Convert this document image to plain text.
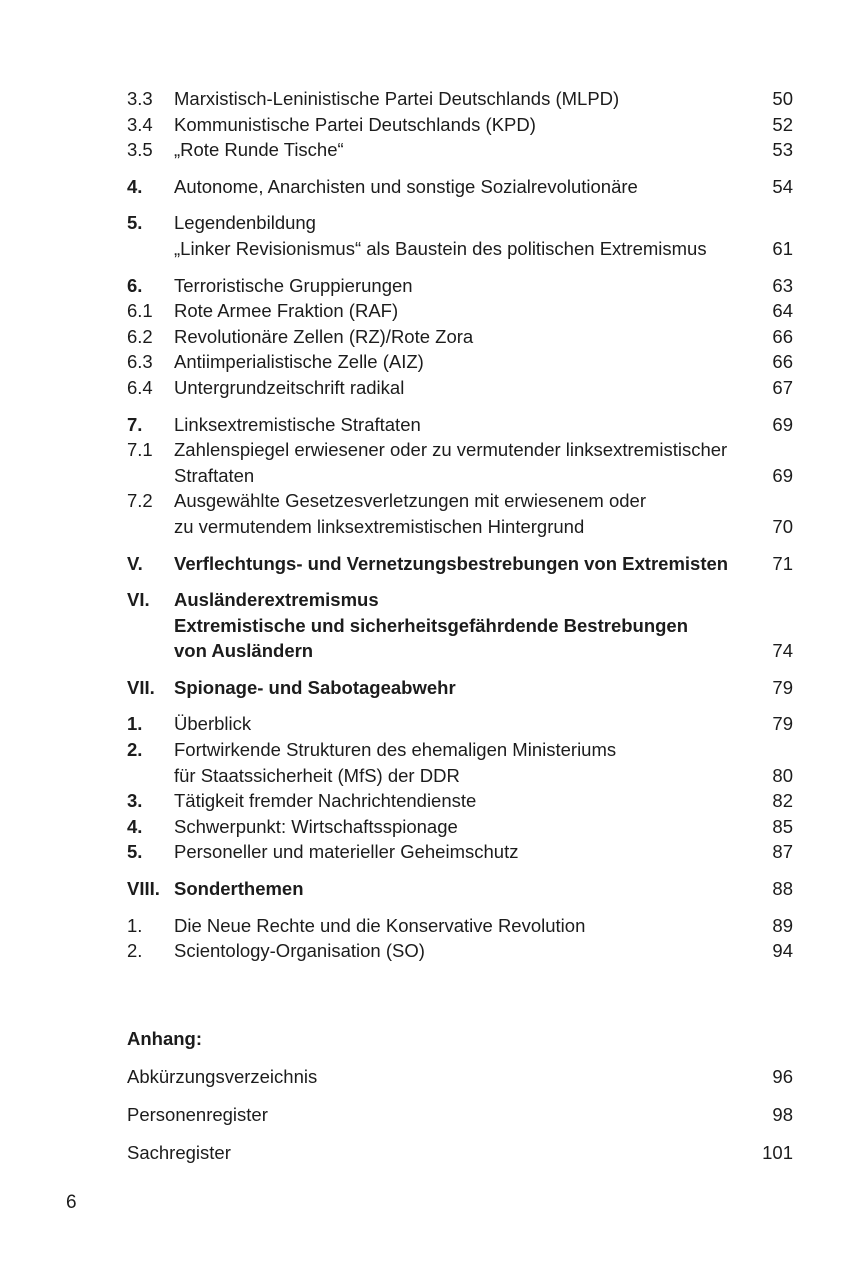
3.3	Marxistisch-Leninistische Partei Deutschlands (MLPD)	50
3.4	Kommunistische Partei Deutschlands (KPD)	52
3.5	„Rote Runde Tische“	53
4.	Autonome, Anarchisten und sonstige Sozialrevolutionäre	54
5.	Legendenbildung
„Linker Revisionismus“ als Baustein des politischen Extremismus	61
6.	Terroristische Gruppierungen	63
6.1	Rote Armee Fraktion (RAF)	64
6.2	Revolutionäre Zellen (RZ)/Rote Zora	66
6.3	Antiimperialistische Zelle (AIZ)	66
6.4	Untergrundzeitschrift radikal	67
7.	Linksextremistische Straftaten	69
7.1	Zahlenspiegel erwiesener oder zu vermutender linksextremistischer
Straftaten	69
7.2	Ausgewählte Gesetzesverletzungen mit erwiesenem oder
zu vermutendem linksextremistischen Hintergrund	70
V.	Verflechtungs- und Vernetzungsbestrebungen von Extremisten	71
VI.	Ausländerextremismus
Extremistische und sicherheitsgefährdende Bestrebungen
von Ausländern	74
VII.	Spionage- und Sabotageabwehr	79
1.	Überblick	79
2.	Fortwirkende Strukturen des ehemaligen Ministeriums
für Staatssicherheit (MfS) der DDR	80
3.	Tätigkeit fremder Nachrichtendienste	82
4.	Schwerpunkt: Wirtschaftsspionage	85
5.	Personeller und materieller Geheimschutz	87
VIII. Sonderthemen	88
1.	Die Neue Rechte und die Konservative Revolution	89
2.	Scientology-Organisation (SO)	94
Anhang:
Abkürzungsverzeichnis	96
Personenregister	98
Sachregister	101
6
